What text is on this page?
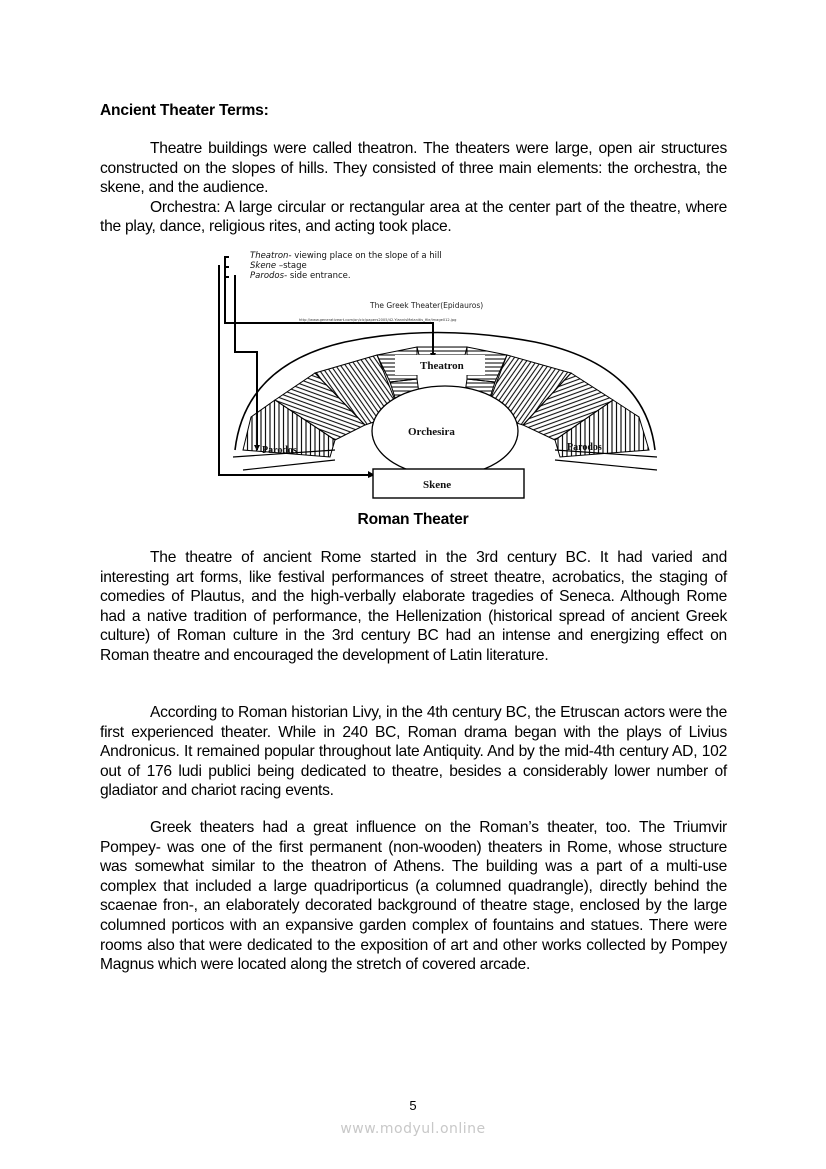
Ancient Theater Terms:

Theatre buildings were called theatron. The theaters were large, open air structures constructed on the slopes of hills. They consisted of three main elements: the orchestra, the skene, and the audience.

Orchestra: A large circular or rectangular area at the center part of the theatre, where the play, dance, religious rites, and acting took place.

Theatron- viewing place on the slope of a hill
Skene –stage
Parodos- side entrance.
The Greek Theater(Epidauros)
http://www.generativeart.com/on/cic/papers2005/42.YiannisMelanitis_file/image012.jpg
Theatron
Parodos	Parodos
Orchesira
Skene
Roman Theater

The theatre of ancient Rome started in the 3rd century BC. It had varied and interesting art forms, like festival performances of street theatre, acrobatics, the staging of comedies of Plautus, and the high-verbally elaborate tragedies of Seneca. Although Rome had a native tradition of performance, the Hellenization (historical spread of ancient Greek culture) of Roman culture in the 3rd century BC had an intense and energizing effect on Roman theatre and encouraged the development of Latin literature.

According to Roman historian Livy, in the 4th century BC, the Etruscan actors were the first experienced theater. While in 240 BC, Roman drama began with the plays of Livius Andronicus. It remained popular throughout late Antiquity. And by the mid-4th century AD, 102 out of 176 ludi publici being dedicated to theatre, besides a considerably lower number of gladiator and chariot racing events.

Greek theaters had a great influence on the Roman’s theater, too. The Triumvir Pompey- was one of the first permanent (non-wooden) theaters in Rome, whose structure was somewhat similar to the theatron of Athens. The building was a part of a multi-use complex that included a large quadriporticus (a columned quadrangle), directly behind the scaenae fron-, an elaborately decorated background of theatre stage, enclosed by the large columned porticos with an expansive garden complex of fountains and statues. There were rooms also that were dedicated to the exposition of art and other works collected by Pompey Magnus which were located along the stretch of covered arcade.

5
www.modyul.online
